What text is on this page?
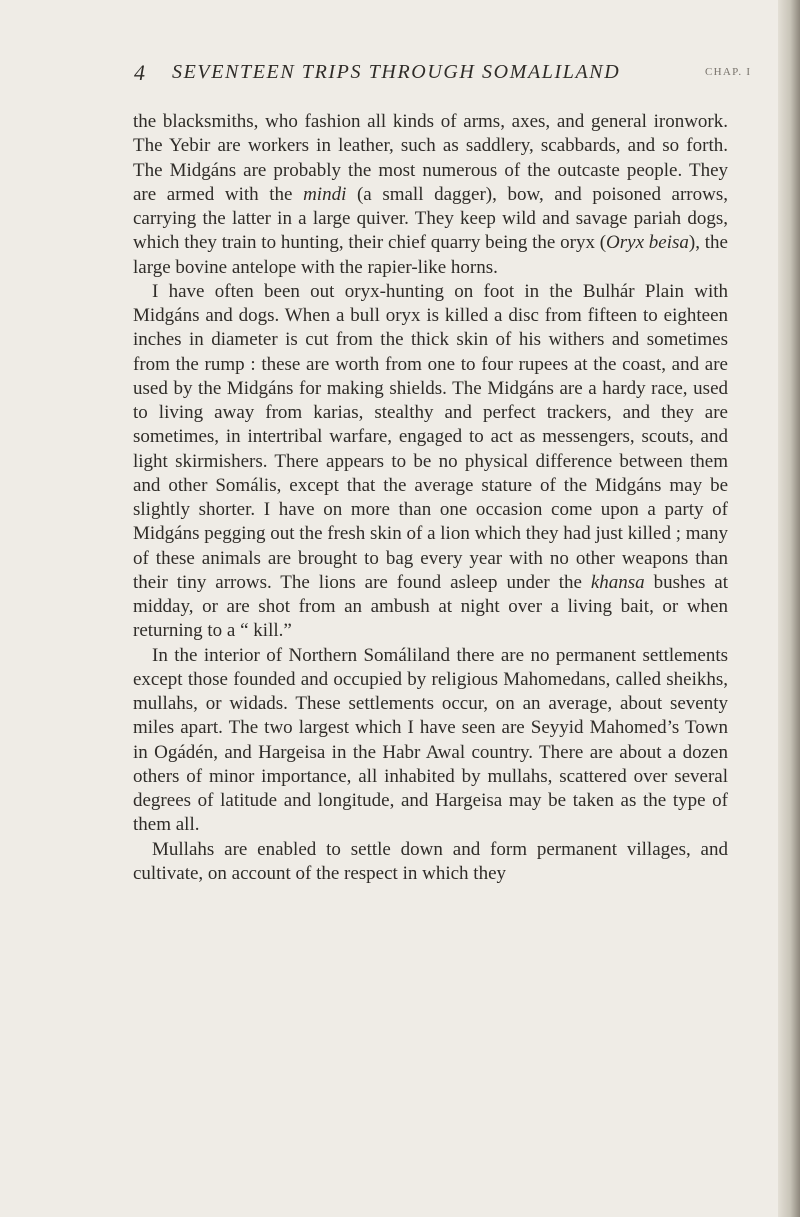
4 SEVENTEEN TRIPS THROUGH SOMALILAND	CHAP. I

the blacksmiths, who fashion all kinds of arms, axes, and general ironwork. The Yebir are workers in leather, such as saddlery, scabbards, and so forth. The Midgáns are probably the most numerous of the outcaste people. They are armed with the mindi (a small dagger), bow, and poisoned arrows, carrying the latter in a large quiver. They keep wild and savage pariah dogs, which they train to hunting, their chief quarry being the oryx (Oryx beisa), the large bovine antelope with the rapier-like horns.

I have often been out oryx-hunting on foot in the Bulhár Plain with Midgáns and dogs. When a bull oryx is killed a disc from fifteen to eighteen inches in diameter is cut from the thick skin of his withers and sometimes from the rump : these are worth from one to four rupees at the coast, and are used by the Midgáns for making shields. The Midgáns are a hardy race, used to living away from karias, stealthy and perfect trackers, and they are sometimes, in intertribal warfare, engaged to act as messengers, scouts, and light skirmishers. There appears to be no physical difference between them and other Somális, except that the average stature of the Midgáns may be slightly shorter. I have on more than one occasion come upon a party of Midgáns pegging out the fresh skin of a lion which they had just killed ; many of these animals are brought to bag every year with no other weapons than their tiny arrows. The lions are found asleep under the khansa bushes at midday, or are shot from an ambush at night over a living bait, or when returning to a “ kill.”

In the interior of Northern Somáliland there are no permanent settlements except those founded and occupied by religious Mahomedans, called sheikhs, mullahs, or widads. These settlements occur, on an average, about seventy miles apart. The two largest which I have seen are Seyyid Mahomed’s Town in Ogádén, and Hargeisa in the Habr Awal country. There are about a dozen others of minor importance, all inhabited by mullahs, scattered over several degrees of latitude and longitude, and Hargeisa may be taken as the type of them all.

Mullahs are enabled to settle down and form permanent villages, and cultivate, on account of the respect in which they
